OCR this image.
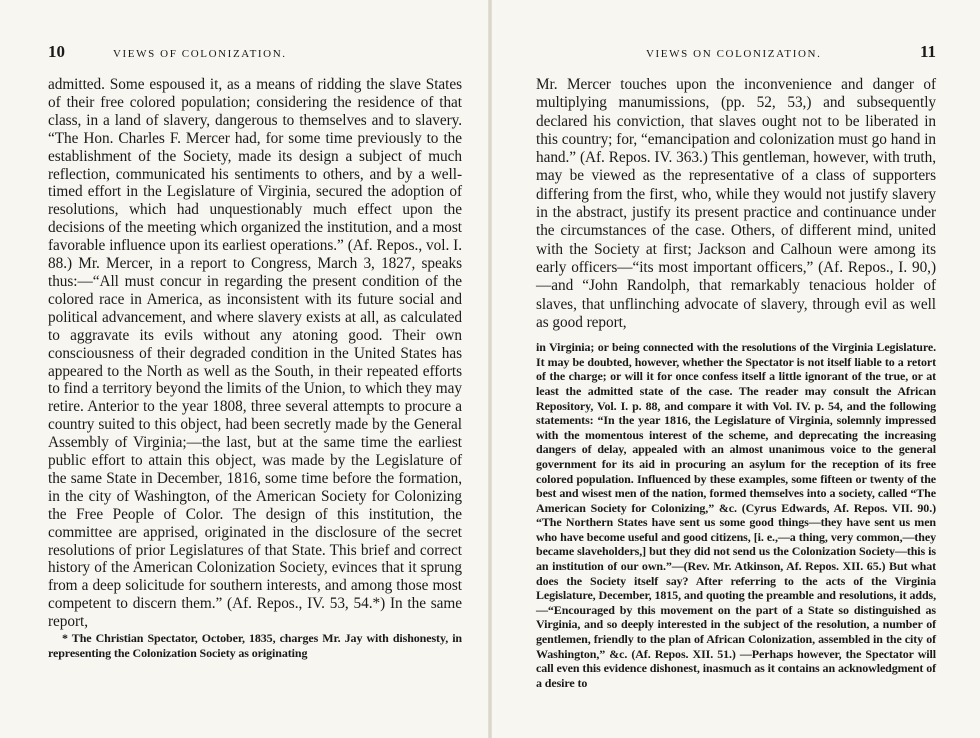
10	VIEWS OF COLONIZATION.

admitted. Some espoused it, as a means of ridding the slave States of their free colored population; considering the residence of that class, in a land of slavery, dangerous to themselves and to slavery. “The Hon. Charles F. Mercer had, for some time previously to the establishment of the Society, made its design a subject of much reflection, communicated his sentiments to others, and by a well-timed effort in the Legislature of Virginia, secured the adoption of resolutions, which had unquestionably much effect upon the decisions of the meeting which organized the institution, and a most favorable influence upon its earliest operations.” (Af. Repos., vol. I. 88.) Mr. Mercer, in a report to Congress, March 3, 1827, speaks thus:—“All must concur in regarding the present condition of the colored race in America, as inconsistent with its future social and political advancement, and where slavery exists at all, as calculated to aggravate its evils without any atoning good. Their own consciousness of their degraded condition in the United States has appeared to the North as well as the South, in their repeated efforts to find a territory beyond the limits of the Union, to which they may retire. Anterior to the year 1808, three several attempts to procure a country suited to this object, had been secretly made by the General Assembly of Virginia;—the last, but at the same time the earliest public effort to attain this object, was made by the Legislature of the same State in December, 1816, some time before the formation, in the city of Washington, of the American Society for Colonizing the Free People of Color. The design of this institution, the committee are apprised, originated in the disclosure of the secret resolutions of prior Legislatures of that State. This brief and correct history of the American Colonization Society, evinces that it sprung from a deep solicitude for southern interests, and among those most competent to discern them.” (Af. Repos., IV. 53, 54.*) In the same report,

* The Christian Spectator, October, 1835, charges Mr. Jay with dishonesty, in representing the Colonization Society as originating

VIEWS ON COLONIZATION.	11

Mr. Mercer touches upon the inconvenience and danger of multiplying manumissions, (pp. 52, 53,) and subsequently declared his conviction, that slaves ought not to be liberated in this country; for, “emancipation and colonization must go hand in hand.” (Af. Repos. IV. 363.) This gentleman, however, with truth, may be viewed as the representative of a class of supporters differing from the first, who, while they would not justify slavery in the abstract, justify its present practice and continuance under the circumstances of the case. Others, of different mind, united with the Society at first; Jackson and Calhoun were among its early officers—“its most important officers,” (Af. Repos., I. 90,)—and “John Randolph, that remarkably tenacious holder of slaves, that unflinching advocate of slavery, through evil as well as good report,

in Virginia; or being connected with the resolutions of the Virginia Legislature. It may be doubted, however, whether the Spectator is not itself liable to a retort of the charge; or will it for once confess itself a little ignorant of the true, or at least the admitted state of the case. The reader may consult the African Repository, Vol. I. p. 88, and compare it with Vol. IV. p. 54, and the following statements: “In the year 1816, the Legislature of Virginia, solemnly impressed with the momentous interest of the scheme, and deprecating the increasing dangers of delay, appealed with an almost unanimous voice to the general government for its aid in procuring an asylum for the reception of its free colored population. Influenced by these examples, some fifteen or twenty of the best and wisest men of the nation, formed themselves into a society, called “The American Society for Colonizing,” &c. (Cyrus Edwards, Af. Repos. VII. 90.) “The Northern States have sent us some good things—they have sent us men who have become useful and good citizens, [i. e.,—a thing, very common,—they became slaveholders,] but they did not send us the Colonization Society—this is an institution of our own.”—(Rev. Mr. Atkinson, Af. Repos. XII. 65.) But what does the Society itself say? After referring to the acts of the Virginia Legislature, December, 1815, and quoting the preamble and resolutions, it adds,—“Encouraged by this movement on the part of a State so distinguished as Virginia, and so deeply interested in the subject of the resolution, a number of gentlemen, friendly to the plan of African Colonization, assembled in the city of Washington,” &c. (Af. Repos. XII. 51.) —Perhaps however, the Spectator will call even this evidence dishonest, inasmuch as it contains an acknowledgment of a desire to
